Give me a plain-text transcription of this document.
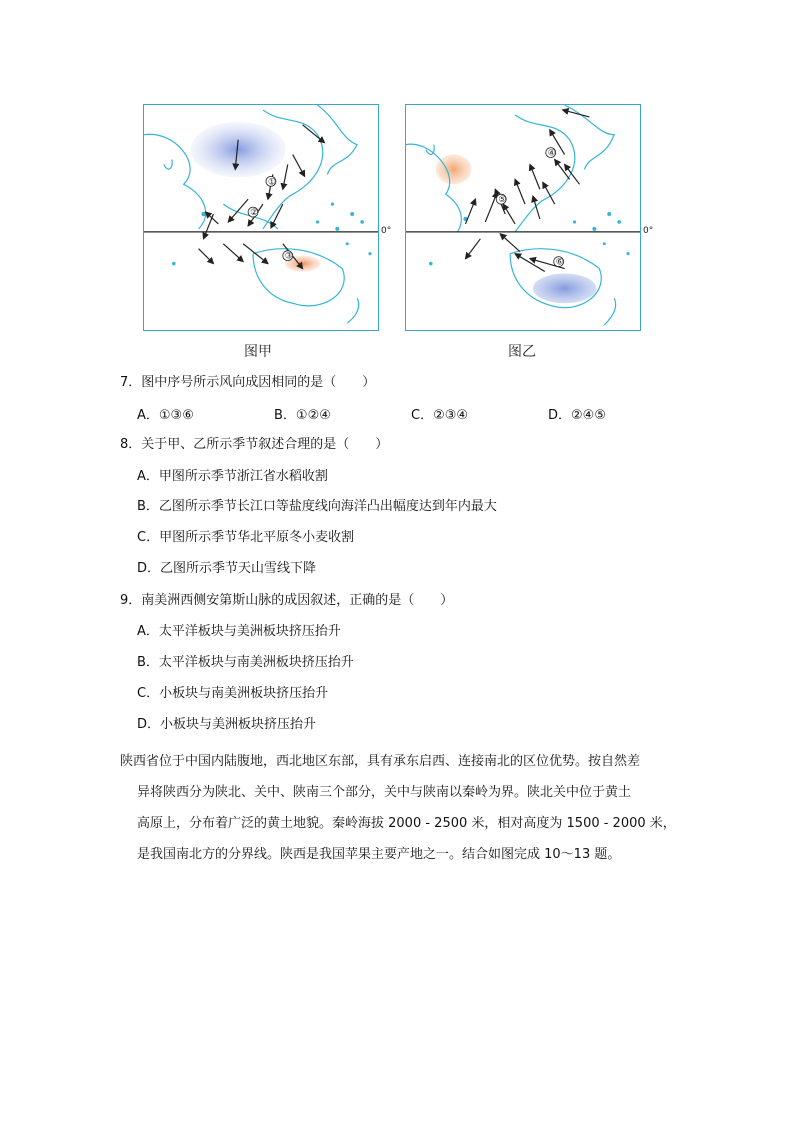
①
②
③
0°
④
⑤
⑥
0°
图甲	图乙
7．图中序号所示风向成因相同的是（　　）
A．①③⑥	B．①②④	C．②③④	D．②④⑤
8．关于甲、乙所示季节叙述合理的是（　　）
A．甲图所示季节浙江省水稻收割
B．乙图所示季节长江口等盐度线向海洋凸出幅度达到年内最大
C．甲图所示季节华北平原冬小麦收割
D．乙图所示季节天山雪线下降
9．南美洲西侧安第斯山脉的成因叙述，正确的是（　　）
A．太平洋板块与美洲板块挤压抬升
B．太平洋板块与南美洲板块挤压抬升
C．小板块与南美洲板块挤压抬升
D．小板块与美洲板块挤压抬升
陕西省位于中国内陆腹地，西北地区东部，具有承东启西、连接南北的区位优势。按自然差
异将陕西分为陕北、关中、陕南三个部分，关中与陕南以秦岭为界。陕北关中位于黄土
高原上，分布着广泛的黄土地貌。秦岭海拔 2000 - 2500 米，相对高度为 1500 - 2000 米，
是我国南北方的分界线。陕西是我国苹果主要产地之一。结合如图完成 10～13 题。
